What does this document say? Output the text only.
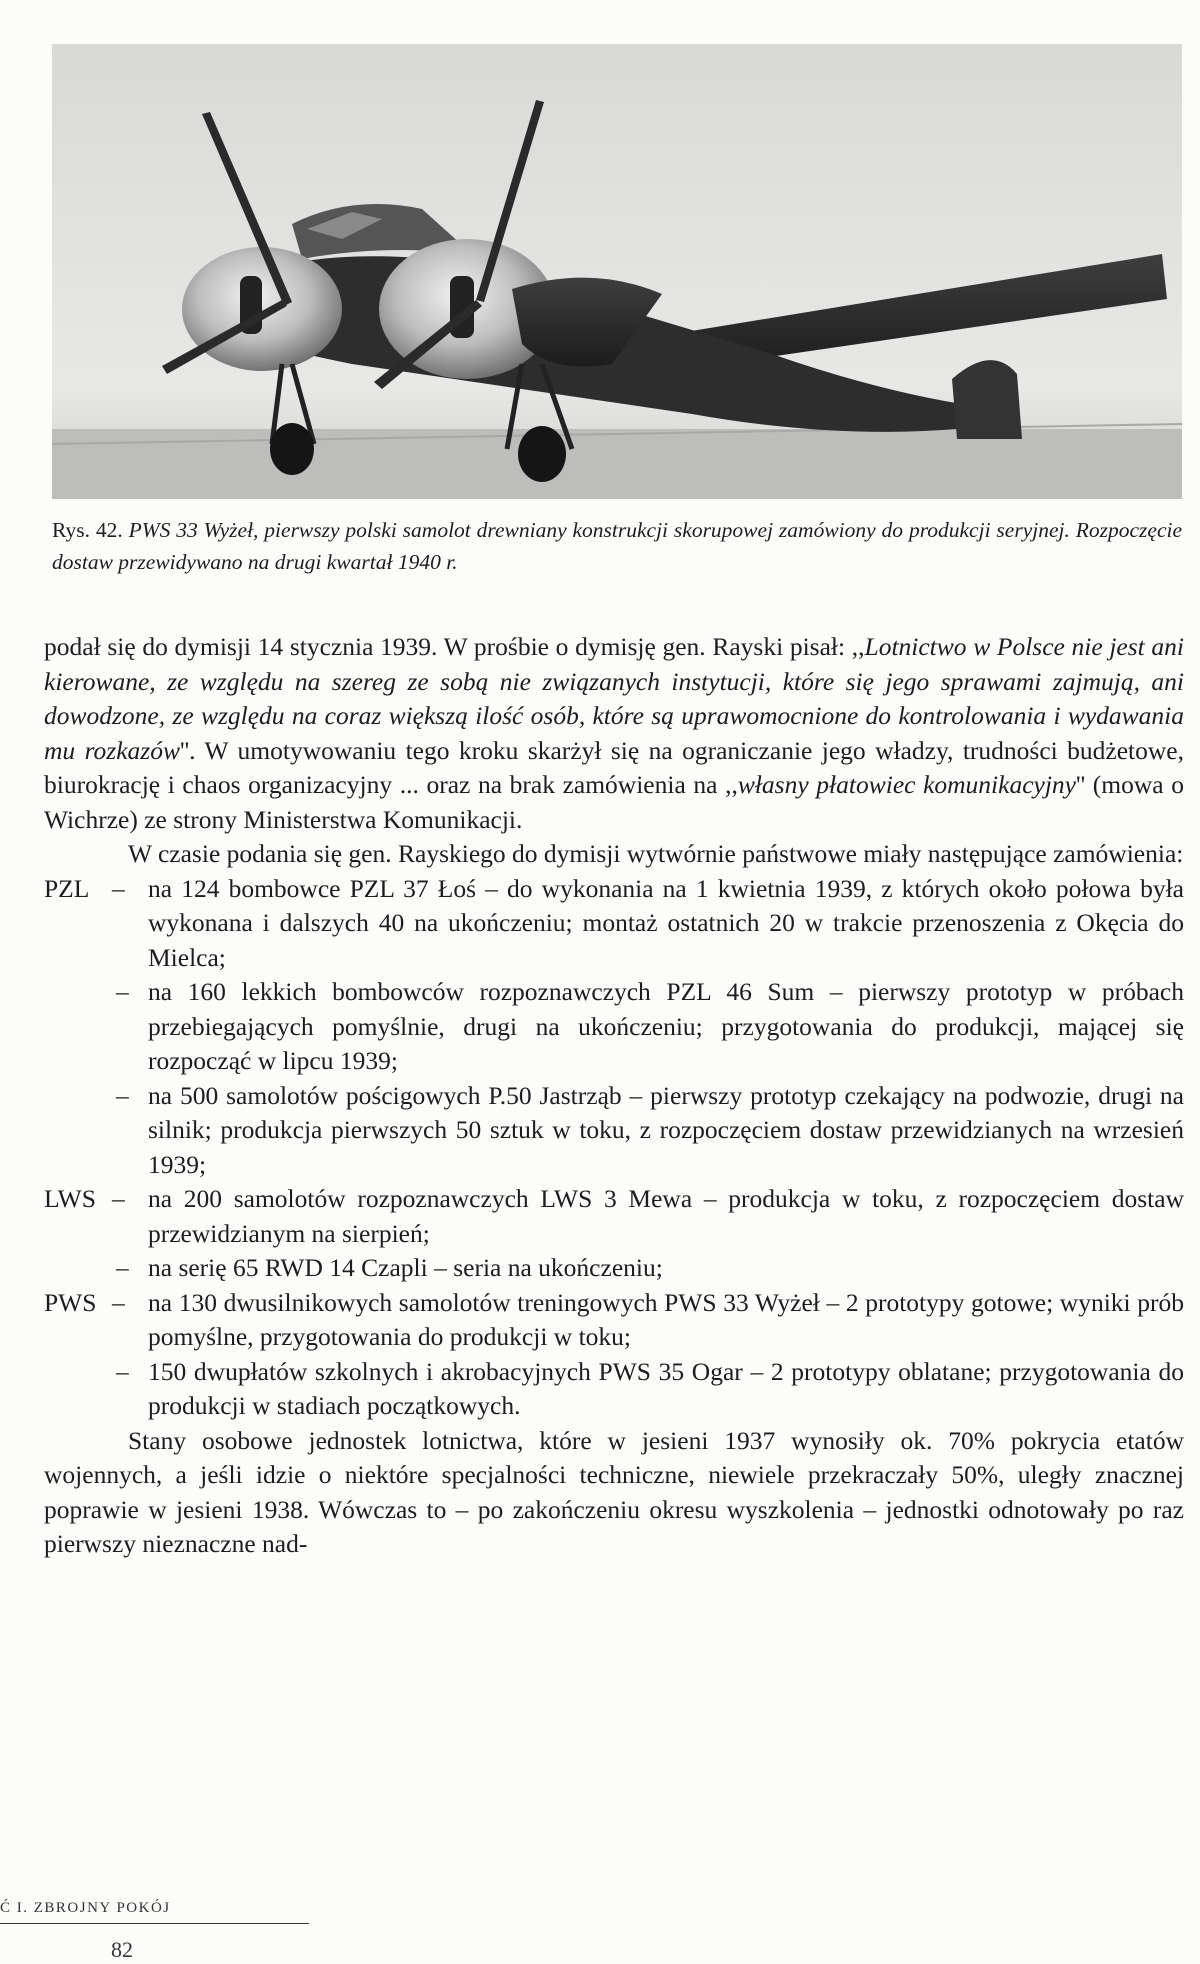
Rys. 42. PWS 33 Wyżeł, pierwszy polski samolot drewniany konstrukcji skorupowej zamówiony do produkcji seryjnej. Rozpoczęcie dostaw przewidywano na drugi kwartał 1940 r.

podał się do dymisji 14 stycznia 1939. W prośbie o dymisję gen. Rayski pisał: ,,Lotnictwo w Polsce nie jest ani kierowane, ze względu na szereg ze sobą nie związanych instytucji, które się jego sprawami zajmują, ani dowodzone, ze względu na coraz większą ilość osób, które są uprawomocnione do kontrolowania i wydawania mu rozkazów''. W umotywowaniu tego kroku skarżył się na ograniczanie jego władzy, trudności budżetowe, biurokrację i chaos organizacyjny ... oraz na brak zamówienia na ,,własny płatowiec komunikacyjny'' (mowa o Wichrze) ze strony Ministerstwa Komunikacji.

W czasie podania się gen. Rayskiego do dymisji wytwórnie państwowe miały następujące zamówienia:

PZL – na 124 bombowce PZL 37 Łoś – do wykonania na 1 kwietnia 1939, z których około połowa była wykonana i dalszych 40 na ukończeniu; montaż ostatnich 20 w trakcie przenoszenia z Okęcia do Mielca;
– na 160 lekkich bombowców rozpoznawczych PZL 46 Sum – pierwszy prototyp w próbach przebiegających pomyślnie, drugi na ukończeniu; przygotowania do produkcji, mającej się rozpocząć w lipcu 1939;
– na 500 samolotów pościgowych P.50 Jastrząb – pierwszy prototyp czekający na podwozie, drugi na silnik; produkcja pierwszych 50 sztuk w toku, z rozpoczęciem dostaw przewidzianych na wrzesień 1939;
LWS – na 200 samolotów rozpoznawczych LWS 3 Mewa – produkcja w toku, z rozpoczęciem dostaw przewidzianym na sierpień;
– na serię 65 RWD 14 Czapli – seria na ukończeniu;
PWS – na 130 dwusilnikowych samolotów treningowych PWS 33 Wyżeł – 2 prototypy gotowe; wyniki prób pomyślne, przygotowania do produkcji w toku;
– 150 dwupłatów szkolnych i akrobacyjnych PWS 35 Ogar – 2 prototypy oblatane; przygotowania do produkcji w stadiach początkowych.

Stany osobowe jednostek lotnictwa, które w jesieni 1937 wynosiły ok. 70% pokrycia etatów wojennych, a jeśli idzie o niektóre specjalności techniczne, niewiele przekraczały 50%, uległy znacznej poprawie w jesieni 1938. Wówczas to – po zakończeniu okresu wyszkolenia – jednostki odnotowały po raz pierwszy nieznaczne nad-

Ć I. ZBROJNY POKÓJ
82
